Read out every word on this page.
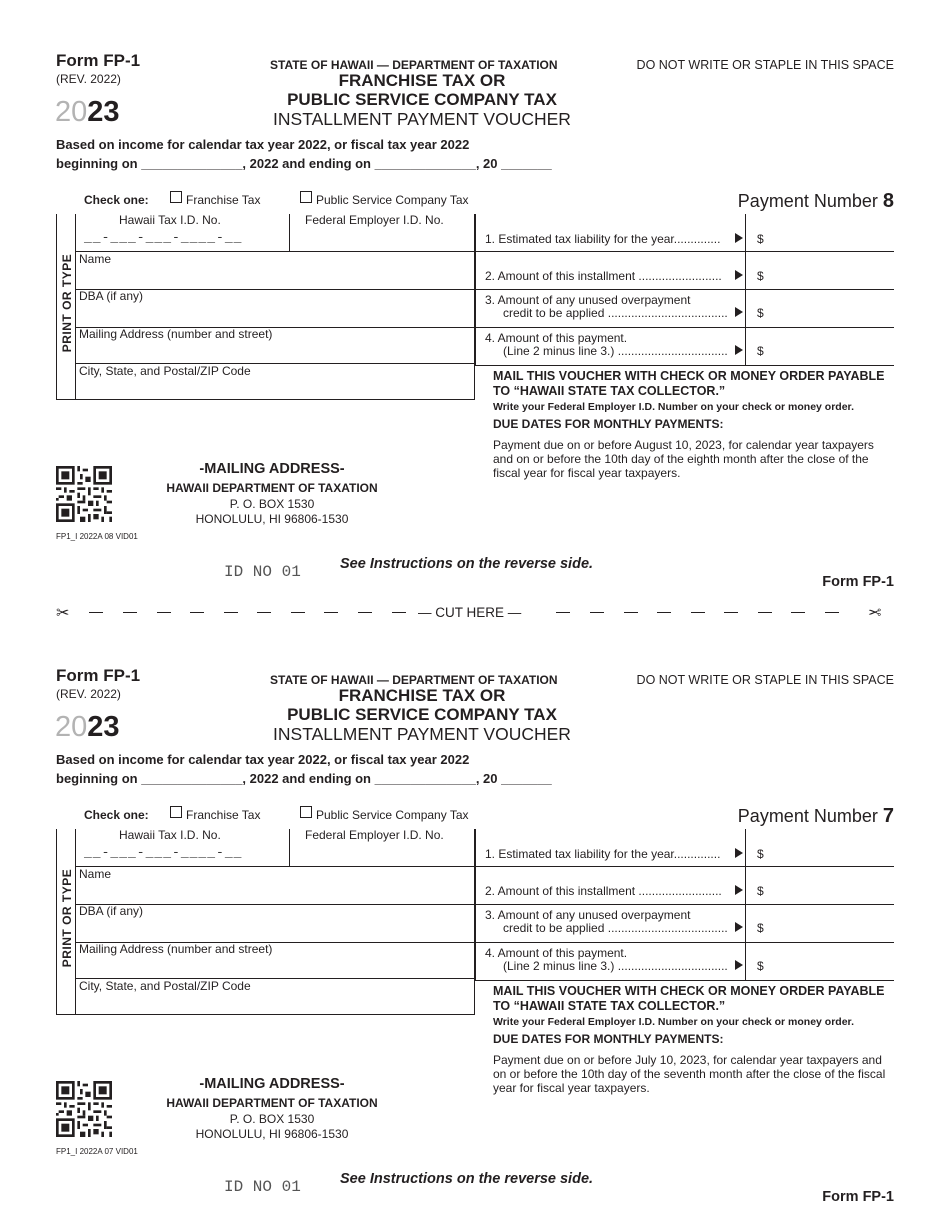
Form FP-1
(REV. 2022)
2023
STATE OF HAWAII — DEPARTMENT OF TAXATION
FRANCHISE TAX OR
PUBLIC SERVICE COMPANY TAX
INSTALLMENT PAYMENT VOUCHER
DO NOT WRITE OR STAPLE IN THIS SPACE
Based on income for calendar tax year 2022, or fiscal tax year 2022
beginning on ______________, 2022 and ending on ______________, 20 _______
Check one:	Franchise Tax	Public Service Company Tax	Payment Number 8
PRINT OR TYPE
Hawaii Tax I.D. No.
__-___-___-____-__
Federal Employer I.D. No.
Name
DBA (if any)
Mailing Address (number and street)
City, State, and Postal/ZIP Code
1. Estimated tax liability for the year..............	$
2. Amount of this installment .........................	$
3. Amount of any unused overpayment
credit to be applied .................................... $
4. Amount of this payment.
(Line 2 minus line 3.) ................................. $
MAIL THIS VOUCHER WITH CHECK OR MONEY ORDER PAYABLE
TO “HAWAII STATE TAX COLLECTOR.”
Write your Federal Employer I.D. Number on your check or money order.
DUE DATES FOR MONTHLY PAYMENTS:
Payment due on or before August 10, 2023, for calendar year taxpayers and on or before the 10th day of the eighth month after the close of the fiscal year for fiscal year taxpayers.
-MAILING ADDRESS-
HAWAII DEPARTMENT OF TAXATION
P. O. BOX 1530
HONOLULU, HI 96806-1530
FP1_I 2022A 08 VID01
ID NO 01	See Instructions on the reverse side.
Form FP-1
Form FP-1
(REV. 2022)
2023
STATE OF HAWAII — DEPARTMENT OF TAXATION
FRANCHISE TAX OR
PUBLIC SERVICE COMPANY TAX
INSTALLMENT PAYMENT VOUCHER
DO NOT WRITE OR STAPLE IN THIS SPACE
Based on income for calendar tax year 2022, or fiscal tax year 2022
beginning on ______________, 2022 and ending on ______________, 20 _______
Check one:	Franchise Tax	Public Service Company Tax	Payment Number 7
PRINT OR TYPE
Hawaii Tax I.D. No.
__-___-___-____-__
Federal Employer I.D. No.
Name
DBA (if any)
Mailing Address (number and street)
City, State, and Postal/ZIP Code
1. Estimated tax liability for the year..............	$
2. Amount of this installment .........................	$
3. Amount of any unused overpayment
credit to be applied .................................... $
4. Amount of this payment.
(Line 2 minus line 3.) ................................. $
MAIL THIS VOUCHER WITH CHECK OR MONEY ORDER PAYABLE
TO “HAWAII STATE TAX COLLECTOR.”
Write your Federal Employer I.D. Number on your check or money order.
DUE DATES FOR MONTHLY PAYMENTS:
Payment due on or before July 10, 2023, for calendar year taxpayers and on or before the 10th day of the seventh month after the close of the fiscal year for fiscal year taxpayers.
-MAILING ADDRESS-
HAWAII DEPARTMENT OF TAXATION
P. O. BOX 1530
HONOLULU, HI 96806-1530
FP1_I 2022A 07 VID01
ID NO 01	See Instructions on the reverse side.
Form FP-1
✂	— CUT HERE —	✂
